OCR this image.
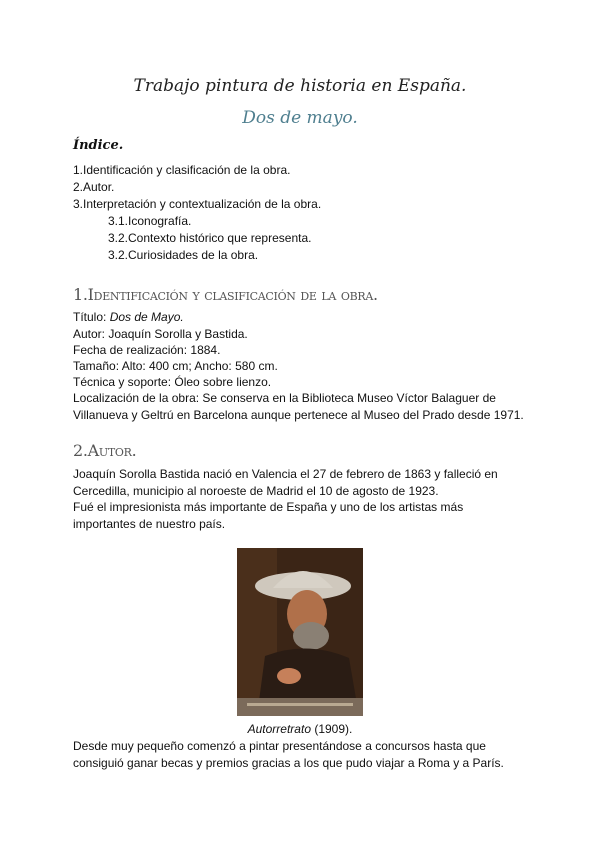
Trabajo pintura de historia en España.
Dos de mayo.
Índice.
1.Identificación y clasificación de la obra.
2.Autor.
3.Interpretación y contextualización de la obra.
3.1.Iconografía.
3.2.Contexto histórico que representa.
3.2.Curiosidades de la obra.
1.Identificación y clasificación de la obra.
Título: Dos de Mayo.
Autor: Joaquín Sorolla y Bastida.
Fecha de realización: 1884.
Tamaño: Alto: 400 cm; Ancho: 580 cm.
Técnica y soporte: Óleo sobre lienzo.
Localización de la obra: Se conserva en la Biblioteca Museo Víctor Balaguer de Villanueva y Geltrú en Barcelona aunque pertenece al Museo del Prado desde 1971.
2.Autor.
Joaquín Sorolla Bastida nació en Valencia el 27 de febrero de 1863 y falleció en Cercedilla, municipio al noroeste de Madrid el 10 de agosto de 1923.
Fué el impresionista más importante de España y uno de los artistas más importantes de nuestro país.
Autorretrato (1909).
Desde muy pequeño comenzó a pintar presentándose a concursos hasta que consiguió ganar becas y premios gracias a los que pudo viajar a Roma y a París.
